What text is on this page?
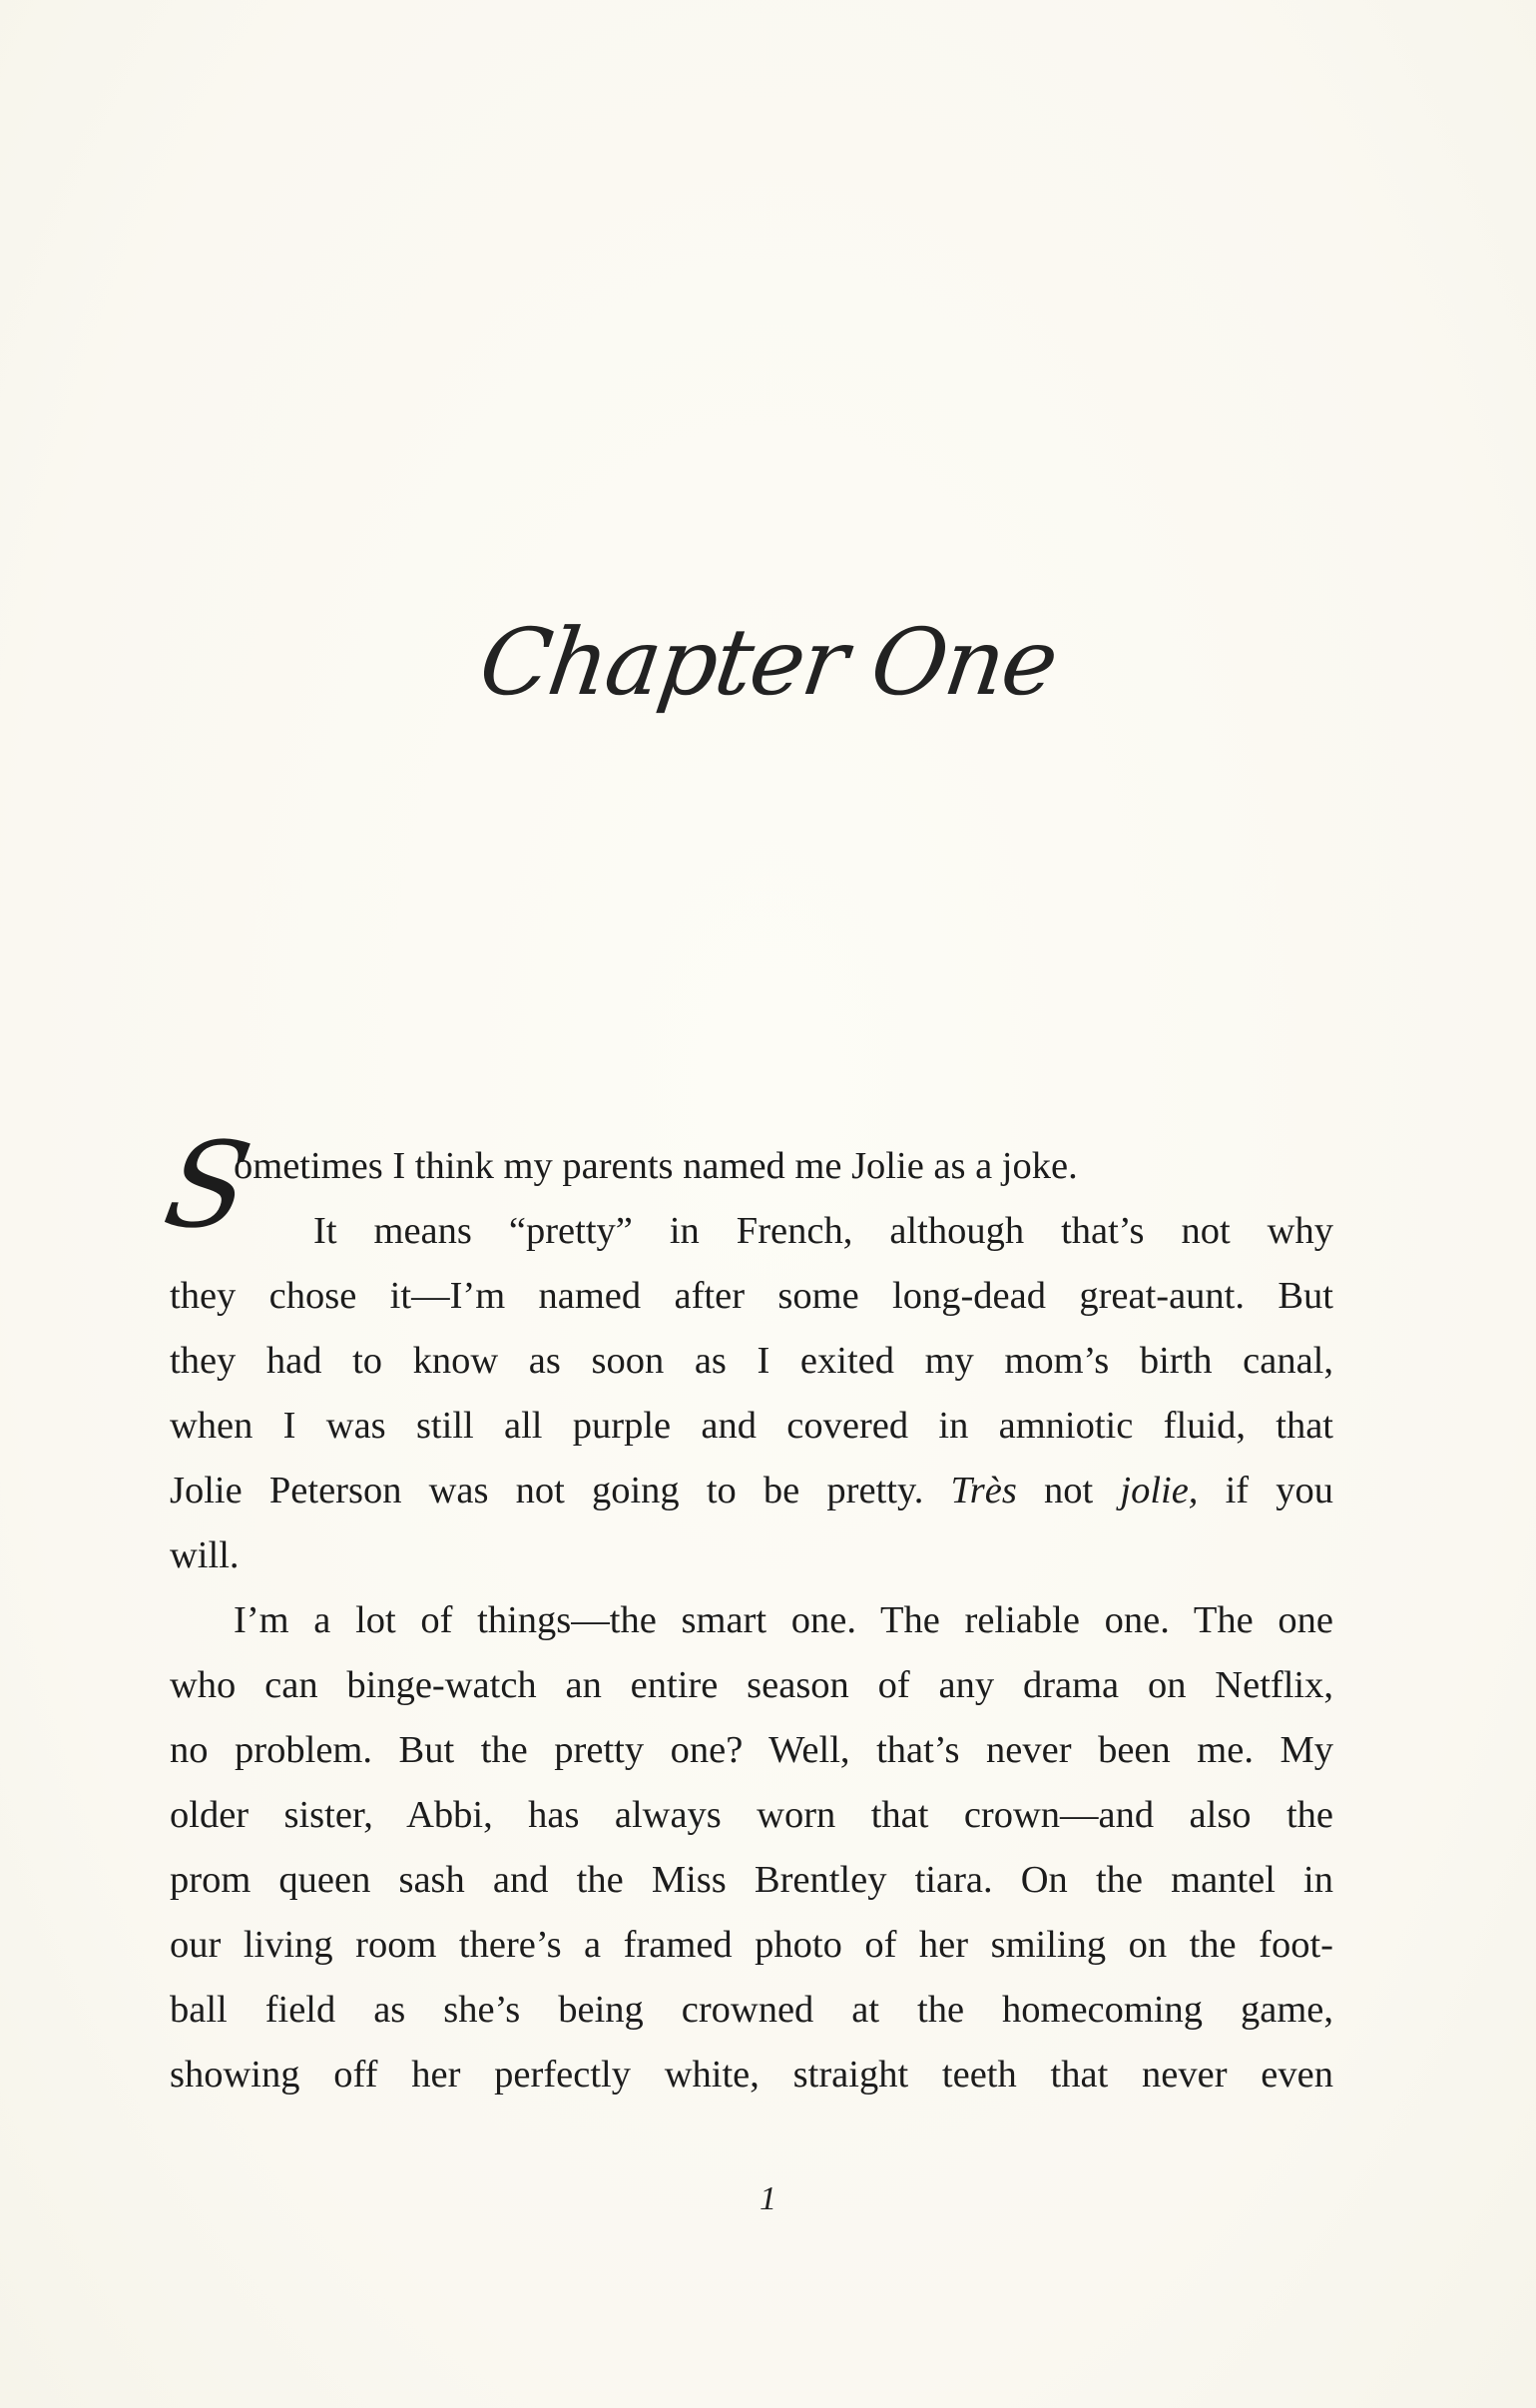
Chapter One
S
ometimes I think my parents named me Jolie as a joke.
It means “pretty” in French, although that’s not why
they chose it—I’m named after some long-dead great-aunt. But
they had to know as soon as I exited my mom’s birth canal,
when I was still all purple and covered in amniotic fluid, that
Jolie Peterson was not going to be pretty. Très not jolie, if you
will.
I’m a lot of things—the smart one. The reliable one. The one
who can binge-watch an entire season of any drama on Netflix,
no problem. But the pretty one? Well, that’s never been me. My
older sister, Abbi, has always worn that crown—and also the
prom queen sash and the Miss Brentley tiara. On the mantel in
our living room there’s a framed photo of her smiling on the foot-
ball field as she’s being crowned at the homecoming game,
showing off her perfectly white, straight teeth that never even
1
